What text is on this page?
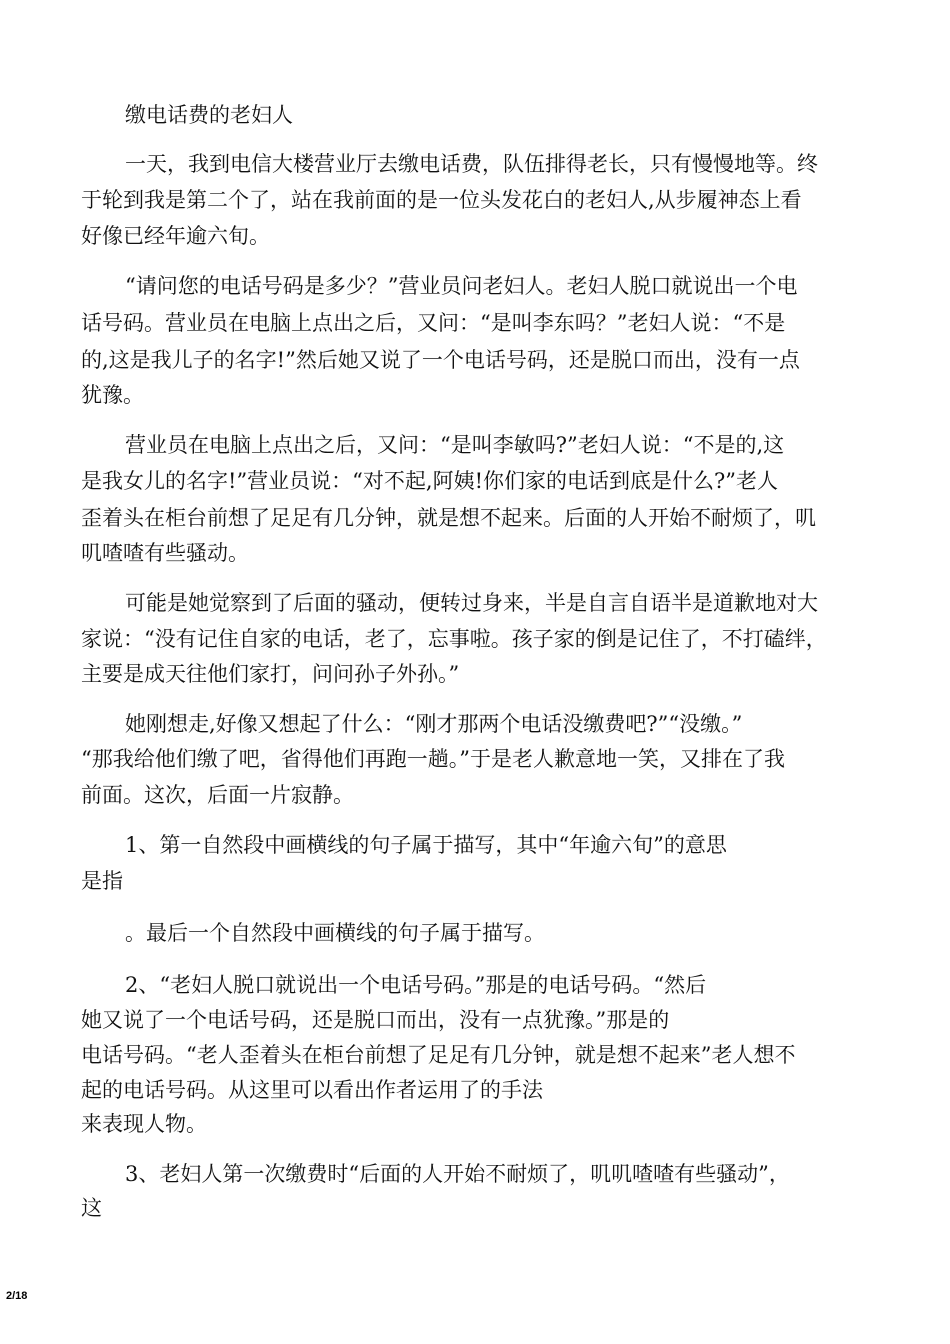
缴电话费的老妇人
一天，我到电信大楼营业厅去缴电话费，队伍排得老长，只有慢慢地等。终
于轮到我是第二个了，站在我前面的是一位头发花白的老妇人,从步履神态上看
好像已经年逾六旬。
“请问您的电话号码是多少？”营业员问老妇人。老妇人脱口就说出一个电
话号码。营业员在电脑上点出之后，又问：“是叫李东吗？”老妇人说：“不是
的,这是我儿子的名字!”然后她又说了一个电话号码，还是脱口而出，没有一点
犹豫。
营业员在电脑上点出之后，又问：“是叫李敏吗?”老妇人说：“不是的,这
是我女儿的名字!”营业员说：“对不起,阿姨!你们家的电话到底是什么?”老人
歪着头在柜台前想了足足有几分钟，就是想不起来。后面的人开始不耐烦了，叽
叽喳喳有些骚动。
可能是她觉察到了后面的骚动，便转过身来，半是自言自语半是道歉地对大
家说：“没有记住自家的电话，老了，忘事啦。孩子家的倒是记住了，不打磕绊，
主要是成天往他们家打，问问孙子外孙。”
她刚想走,好像又想起了什么：“刚才那两个电话没缴费吧?”“没缴。”
“那我给他们缴了吧，省得他们再跑一趟。”于是老人歉意地一笑，又排在了我
前面。这次，后面一片寂静。
1、第一自然段中画横线的句子属于描写，其中“年逾六旬”的意思
是指
。最后一个自然段中画横线的句子属于描写。
2、“老妇人脱口就说出一个电话号码。”那是的电话号码。“然后
她又说了一个电话号码，还是脱口而出，没有一点犹豫。”那是的
电话号码。“老人歪着头在柜台前想了足足有几分钟，就是想不起来”老人想不
起的电话号码。从这里可以看出作者运用了的手法
来表现人物。
3、老妇人第一次缴费时“后面的人开始不耐烦了，叽叽喳喳有些骚动”，
这
2/18
